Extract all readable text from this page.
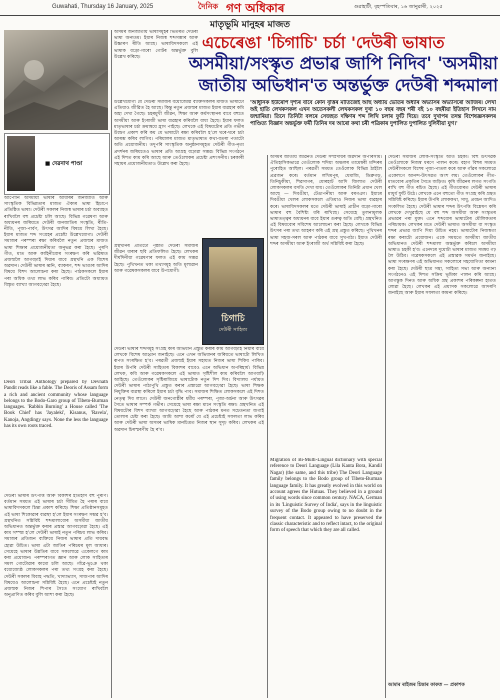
Guwahati, Thursday 16 January, 2025	দৈনিক গণ অধিকাৰ	গুৱাহাটী, বৃহস্পতিবাৰ, ১৬ জানুৱাৰী, ২০২৫
মাতৃভূমি মানুহৰ মাজত
■ দেৱনাথ পাণ্ডা
আপোনি অসমীয়া ভাষাৰ আধাৰৰ জনজাতি আৰু সাংস্কৃতিক বিভিন্নতাৰ মাজত ঐক্যৰ ভাষা হিচাপে প্ৰতিষ্ঠিত ভাষা। দেউৰী সকলৰ নিজস্ব ভাষাৰ চৰ্চা অব্যাহত ৰাখিবলৈ বহু প্ৰচেষ্টা চলি আছে। বিভিন্ন গৱেষণা আৰু অধ্যয়নৰ জৰিয়তে দেউৰী জনজাতিৰ সংস্কৃতি, ৰীতি-নীতি, পূজা-পাৰ্বণ, উৎসৱ আদিৰ বিষয়ে লিখা হৈছে। ইয়াৰ মাজত শব্দ সংগ্ৰহৰ প্ৰচেষ্টা উল্লেখযোগ্য। দেউৰী সমাজৰ পৰম্পৰা ৰক্ষা কৰিবলৈ নতুন প্ৰজন্মৰ মাজত ভাষা শিক্ষাৰ প্ৰয়োজনীয়তা অনুভৱ কৰা হৈছে। পুৰণি গীত, মাত আৰু কাহিনীবোৰ সংৰক্ষণ কৰি ভৱিষ্যত প্ৰজন্মলৈ আগবঢ়াই দিয়াৰ বাবে গ্ৰন্থখনি এক বিশেষ অৱদান। দেউৰী ভাষাৰ ধ্বনি, ব্যাকৰণ, শব্দ ভাণ্ডাৰ আদিৰ বিষয়ে বিশদ আলোচনা কৰা হৈছে। পাঠকসকলে ইয়াৰ পৰা অধিক তথ্য লাভ কৰিব পাৰিব। প্ৰতিটো অধ্যায়ত বিস্তৃত ব্যাখ্যা আগবঢ়োৱা হৈছে।
Deori Tribal Anthology prepared by Devnath Pandit reads like a fable. The Deoris of Assam form a rich and ancient community whose language belongs to the Bodo-Garo group of Tibeto-Burman languages. 'Rabbin Burning' a House called 'The Book Chief' has 'Jayaleki', Kisanus, 'Ravela', Kanoja, Angdingy says. None the less the language has its own roots traced.
দেউৰী ভাষাৰ উৎপত্তি আৰু বিকাশৰ ইতিহাস বহু পুৰণি। বৰ্তমান সময়ত এই ভাষাৰ চৰ্চা সীমিত হৈ পৰাৰ বাবে ভাষাবিদসকলে চিন্তা প্ৰকাশ কৰিছে। শিক্ষা প্ৰতিষ্ঠানসমূহত এই ভাষা শিকোৱাৰ ব্যৱস্থা হ'লে ইয়াৰ সংৰক্ষণ সম্ভৱ হ'ব। গ্ৰন্থখনিত সন্নিবিষ্ট শব্দমালাবোৰ অসমীয়া জাতীয় অভিধানত অন্তৰ্ভুক্ত কৰাৰ প্ৰস্তাৱ আগবঢ়োৱা হৈছে। এই কাম সম্পন্ন হ'লে দেউৰী ভাষাই নতুন পৰিচয় লাভ কৰিব। সমাজৰ প্ৰতিজন ব্যক্তিয়ে নিজৰ ভাষাৰ প্ৰতি দায়বদ্ধ হোৱা উচিত। ভাষা এটা জাতিৰ পৰিচয়ৰ মূল আধাৰ। সেয়েহে ভাষাৰ উন্নতিৰ বাবে সকলোৱে একেলগে কাম কৰা প্ৰয়োজন। পৰম্পৰাগত জ্ঞান আৰু লোক সাহিত্যৰ সমল গোটোৱাৰ কামো চলি আছে। গাঁৱে-ভূঞে থকা বয়োজ্যেষ্ঠ লোকসকলৰ পৰা তথ্য সংগ্ৰহ কৰা হৈছে। দেউৰী সকলৰ বিবাহ পদ্ধতি, খাদ্যাভ্যাস, সাজপাৰ আদিৰ বিষয়েও আলোচনা সন্নিবিষ্ট হৈছে। এনে প্ৰচেষ্টাই নতুন প্ৰজন্মক নিজৰ শিপাৰ সৈতে সংযোগ ৰাখিবলৈ অনুপ্ৰাণিত কৰিব বুলি আশা কৰা হৈছে।
অসমৰ জনজাতীয় ভাষাসমূহৰ ভিতৰত দেউৰী ভাষা অন্যতম। ইয়াৰ নিজস্ব শব্দসম্ভাৰ আৰু উচ্চাৰণ ৰীতি আছে। ভাষাবিদসকলে এই ভাষাক বড়ো-গাৰো গোটৰ অন্তৰ্ভুক্ত বুলি উল্লেখ কৰিছে।
এচেৰেঙা 'চিগাচি' চৰ্চা 'দেউৰী ভাষাত
অসমীয়া/সংস্কৃত প্ৰভাৱ জাপি নিদিব' 'অসমীয়া
জাতীয় অভিধান'ত অন্তৰ্ভুক্ত দেউৰী শব্দমালা
'আধুনিক ইউৰোপ দৃশ্যৰ বাবে কোন বৃত্তিৰ মাতিজেই আছ অধ্যায় ভেতিৰ অধ্যাৰ অভ্যাসৰ অভ্যাসৰো আজিৰ। লেখা অই হাতি লেখকসকল এখন অতেসকলী লেখকসকল দুখা ১০ বছৰ বছৰ শৰী বই ১০ বছৰীয়া ইতিহাস লিখনে নাম জন্মাৰিয়া। তিনে তিনিটা বলৰে সেজহত দক্ষিণৰ শব্দ লিখি চলাৰ ফুটি দিয়ে। তবে দুখাপৰ তদন্ত বিশেষজ্ঞসকলৰ পাণ্ডিত্য বিজ্ঞান অন্তৰ্ভুক্ত ফৰ্মী তিনিৰ দৰ আৰো কথা চৰী পত্ৰিকাৰ দুপালিত দুপালিত দুলিবীয়া যুগ।'
উল্লেখযোগ্য যে দেউৰী সমাজৰ বয়োজ্যেষ্ঠ ব্যক্তিসকলৰ মাজত ভাষাটো এতিয়াও জীৱিত হৈ আছে। কিন্তু নতুন প্ৰজন্মৰ মাজত ইয়াৰ ব্যৱহাৰ কমি অহা দেখা গৈছে। চহৰমুখী জীৱন, শিক্ষা আৰু কৰ্মসংস্থানৰ বাবে বহুতে অসমীয়া আৰু ইংৰাজী ভাষা ব্যৱহাৰ কৰিবলৈ বাধ্য হৈছে। ইয়াৰ ফলত মাতৃভাষাৰ চৰ্চা ক্ৰমান্বয়ে হ্ৰাস পাইছে। লেখকে এই বিষয়টোৰ প্ৰতি গভীৰ উদ্বেগ প্ৰকাশ কৰি কয় যে ভাষাটো ৰক্ষা কৰিবলৈ হ'লে ঘৰে-ঘৰে চৰ্চা আৰম্ভ কৰিব লাগিব। পৰিয়ালৰ মাজত মাতৃভাষাত কথা-বতৰা পতাটো অতি প্ৰয়োজনীয়। তদুপৰি সাংস্কৃতিক অনুষ্ঠানসমূহত দেউৰী গীত-নৃত্য প্ৰদৰ্শনৰ জৰিয়তেও ভাষাৰ প্ৰতি আগ্ৰহ বঢ়োৱা সম্ভৱ। বিভিন্ন সংগঠনে এই দিশত কাম কৰি আছে আৰু তেওঁলোকৰ প্ৰচেষ্টা প্ৰশংসনীয়। চৰকাৰী সহায়ৰ প্ৰয়োজনীয়তাও উল্লেখ কৰা হৈছে।
চিগাচি
দেউৰী সাহিত্য
গ্ৰন্থখনিৰ প্ৰতিটো পৃষ্ঠাত দেউৰী সমাজৰ জীৱন ধাৰাৰ ছবি প্ৰতিফলিত হৈছে। লেখকৰ দীৰ্ঘদিনীয়া গৱেষণাৰ ফলত এই কাম সম্ভৱ হৈছে। পুথিখনত থকা তথ্যসমূহ অতি মূল্যৱান আৰু গৱেষকসকলৰ বাবে উপযোগী।
দেউৰী ভাষাৰ শব্দসমূহ সংগ্ৰহ কৰি অভিধান প্ৰস্তুত কৰাৰ কাম আগবঢ়াই নিয়াৰ বাবে লেখকে বিশেষ আহ্বান জনাইছে। এনে এখন অভিধানৰ জৰিয়তে ভাষাটো লিখিত ৰূপত সংৰক্ষিত হ'ব। পৰৱৰ্তী প্ৰজন্মই ইয়াৰ সহায়ত নিজৰ ভাষা শিকিব পাৰিব। ইয়াৰ উপৰি দেউৰী সাহিত্যৰ বিকাশৰ বাবেও এনে অভিধান অপৰিহাৰ্য। বিভিন্ন লেখক, কবি আৰু গৱেষকসকলে এই ভাষাত সৃষ্টিশীল কাম কৰিবলৈ আগবাঢ়ি আহিছে। তেওঁলোকৰ সৃষ্টিৰাজিয়ে ভাষাটোক নতুন দিশ দিব। বিদ্যালয় পৰ্যায়ত দেউৰী ভাষাৰ পাঠ্যপুথি প্ৰস্তুত কৰাৰ প্ৰস্তাৱো আগবঢ়োৱা হৈছে। ভাষা শিক্ষক নিযুক্তিৰ ব্যৱস্থা কৰিলে ইয়াৰ চৰ্চা বৃদ্ধি পাব। সমাজৰ শিক্ষিত লোকসকলে এই দিশত নেতৃত্ব দিব লাগে। দেউৰী জনগোষ্ঠীৰ ধৰ্মীয় পৰম্পৰা, পূজা-অৰ্চনা আৰু উৎসৱৰ সৈতে ভাষাৰ সম্পৰ্ক গভীৰ। সেয়েহে ভাষা ৰক্ষা মানে সংস্কৃতি ৰক্ষা। গ্ৰন্থখনিত এই বিষয়টোৰ বিশদ ব্যাখ্যা আগবঢ়োৱা হৈছে আৰু পাঠকৰ মনত সচেতনতা জগাই তোলাৰ চেষ্টা কৰা হৈছে। আমি আশা কৰোঁ যে এই প্ৰচেষ্টাই সফলতা লাভ কৰিব আৰু দেউৰী ভাষা অসমৰ ভাষিক মানচিত্ৰত নিজৰ স্থান সুদৃঢ় কৰিব। লেখকৰ এই অৱদান চিৰস্মৰণীয় হৈ ৰ'ব।
অসমৰ জাতীয় জীৱনত দেউৰী সম্প্ৰদায়ৰ অৱদান অপৰিসীম। ঐতিহাসিকভাৱে তেওঁলোক শদিয়া অঞ্চলৰ তামেশ্বৰী মন্দিৰৰ পুৰোহিত আছিল। পৰৱৰ্তী সময়ত তেওঁলোক বিভিন্ন ঠাইলৈ প্ৰব্ৰজন কৰে। বৰ্তমান লখিমপুৰ, ধেমাজি, ডিব্ৰুগড়, তিনিচুকীয়া, শিৱসাগৰ, যোৰহাট আদি জিলাত দেউৰী লোকসকলৰ বসতি দেখা যায়। তেওঁলোকৰ তিনিটা প্ৰধান খেল আছে — দিবঙীয়া, টেঙাপনীয়া আৰু বৰগঞা। ইয়াৰে দিবঙীয়া খেলৰ লোকসকলে এতিয়াও নিজৰ ভাষা ব্যৱহাৰ কৰে। ভাষাবিদসকলৰ মতে দেউৰী ভাষাই প্ৰাচীন বড়ো-গাৰো ভাষাৰ বহু বৈশিষ্ট্য ধৰি ৰাখিছে। সেয়েহে তুলনামূলক ভাষাতত্ত্বৰ অধ্যয়নৰ বাবে ইয়াৰ গুৰুত্ব অতি বেছি। গ্ৰন্থখনিত এই বিষয়বোৰ সবিশেষ আলোচনা কৰা হৈছে। লেখকে বিভিন্ন উৎসৰ পৰা তথ্য আহৰণ কৰি এই গ্ৰন্থ প্ৰস্তুত কৰিছে। পুথিখনৰ ভাষা সহজ-সৰল আৰু পাঠকৰ বাবে সুখপাঠ্য। ইয়াত দেউৰী শব্দৰ অসমীয়া আৰু ইংৰাজী অৰ্থ সন্নিবিষ্ট কৰা হৈছে।
Migration of Bi-Multi-Lingual dictionary with special reference to Deori Language (Lila Kanta Bora, Kandil Nagar) (the same, and this tribe) The Deori Language family belongs to the Bodo group of Tibeto-Burman language family. It has greatly evolved in this world on account agrees the Hutuas. They believed in a ground of using words since common century. NACA, German in its 'Linguistic Survey of India', says in the linguistic survey of the Bodo group owing to no doubt in the frequent contact. It appeared to have preserved the classic characteristic and to reflect intact, to the original form of speech that which they are all called.
দেউৰী সমাজৰ লোক-সংস্কৃতি অতি চহকী। বিহু উৎসৱক তেওঁলোকে নিজস্ব ধৰণে পালন কৰে। বহাগ বিহুৰ সময়ত দেউৰীসকলে বিশেষ পূজা-পাতল কৰে আৰু গাঁৱৰ সকলোৱে একেলগে আনন্দ-উৎসৱত অংশ লয়। তেওঁলোকৰ গীত-মাতবোৰ প্ৰকৃতিৰ সৈতে জড়িত। কৃষি জীৱনৰ লগত সংগতি ৰাখি বহু গীত ৰচিত হৈছে। এই গীতবোৰত দেউৰী ভাষাৰ মাধুৰ্য ফুটি উঠে। লেখকে এনে বহুতো গীত সংগ্ৰহ কৰি গ্ৰন্থত সন্নিবিষ্ট কৰিছে। ইয়াৰ উপৰি লোককথা, সাধু, প্ৰবচন আদিও সংকলিত হৈছে। দেউৰী ভাষাৰ শব্দৰ উৎপত্তি বিশ্লেষণ কৰি লেখকে দেখুৱাইছে যে বহু শব্দ অসমীয়া আৰু সংস্কৃতৰ প্ৰভাৱৰ পৰা মুক্ত। এনে শব্দবোৰ ভাষাটোৰ মৌলিকতাৰ পৰিচায়ক। লেখকৰ মতে দেউৰী ভাষাত অসমীয়া বা সংস্কৃত শব্দৰ প্ৰভাৱ জাপি দিয়া উচিত নহয়। ভাষাটোৰ নিজস্বতা ৰক্ষা কৰাটো প্ৰয়োজন। একে সময়তে অসমীয়া জাতীয় অভিধানত দেউৰী শব্দমালা অন্তৰ্ভুক্ত কৰিলে অসমীয়া ভাষাও চহকী হ'ব। এনেদৰে দুয়োটা ভাষাৰ মাজত সমন্বয় গঢ় লৈ উঠিব। গৱেষকসকলে এই প্ৰস্তাৱক সমৰ্থন জনাইছে। ভাষা সংৰক্ষণৰ এই অভিযানত সকলোৰে সহযোগিতা কামনা কৰা হৈছে। দেউৰী ছাত্ৰ সন্থা, সাহিত্য সভা আৰু অন্যান্য সংগঠনেও এই দিশত সক্ৰিয় ভূমিকা পালন কৰি আছে। আগন্তুক দিনত আৰু অধিক গ্ৰন্থ প্ৰকাশৰ পৰিকল্পনা হাতত লোৱা হৈছে। লেখকৰ এই প্ৰয়াসক সকলোৱে আদৰণি জনাইছে আৰু ইয়াৰ সফলতা কামনা কৰিছে।
আমাৰ ৰাইজৰ চিন্তাৰ কাকত — প্ৰকাশক
